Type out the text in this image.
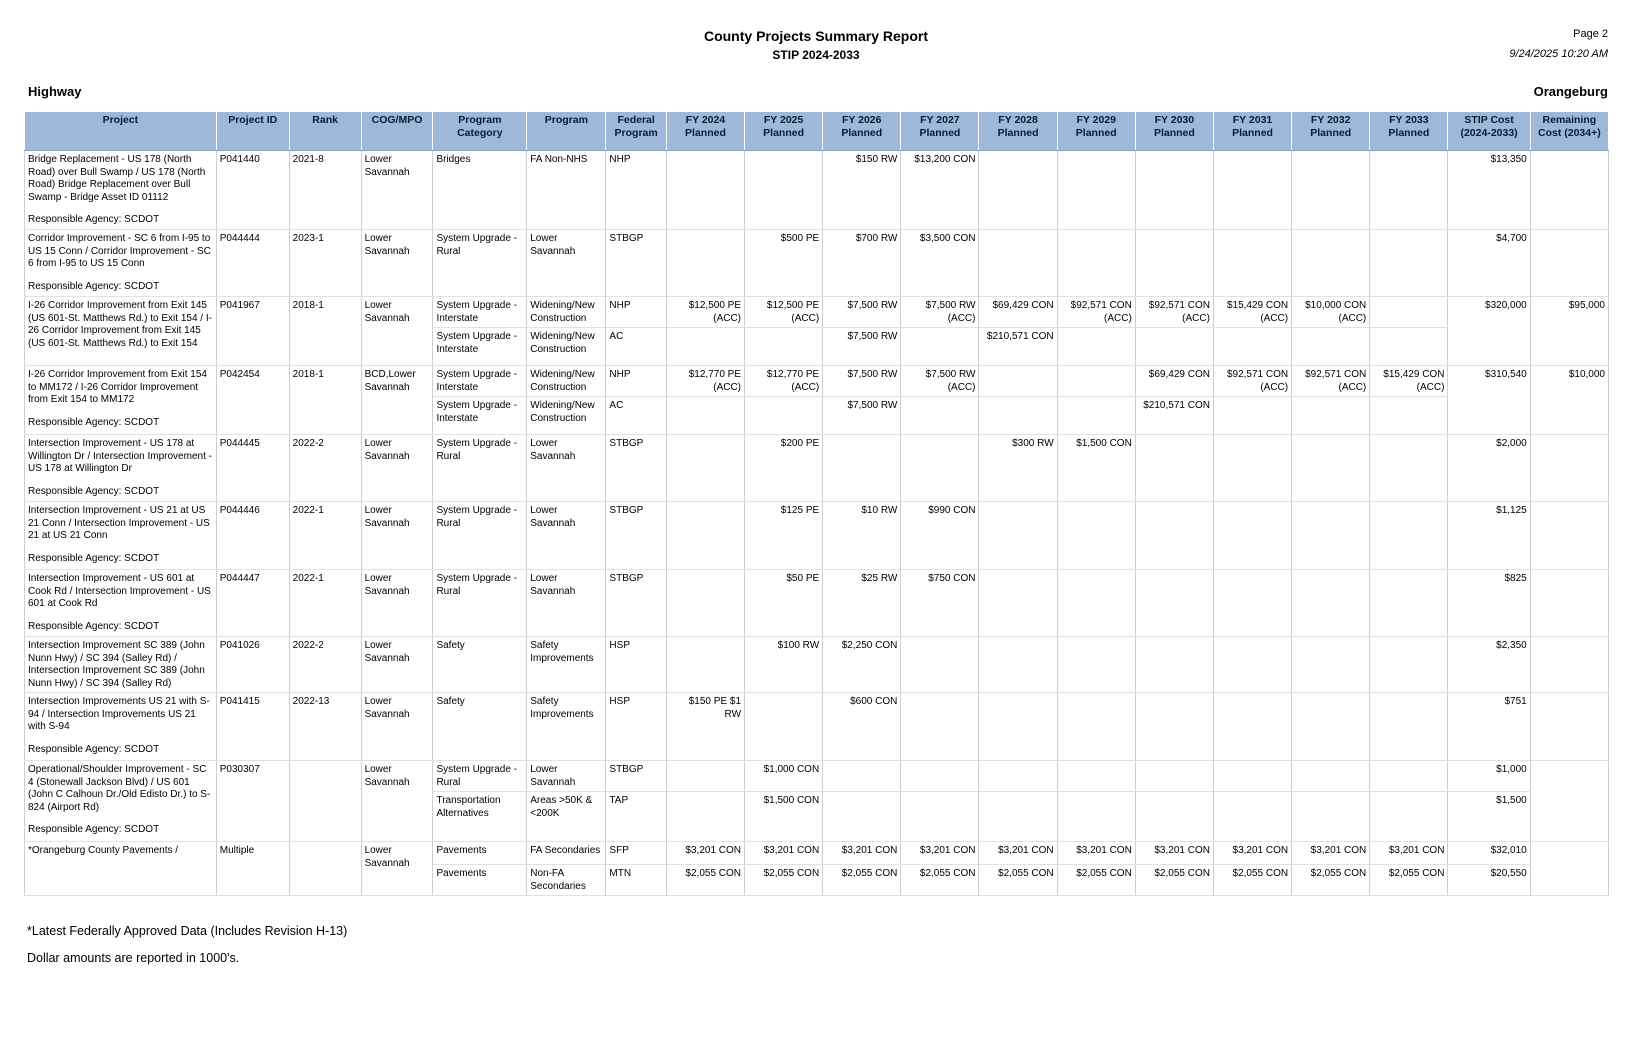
County Projects Summary Report
STIP 2024-2033
Page 2
9/24/2025 10:20 AM
Highway	Orangeburg
Project	Project ID	Rank	COG/MPO	Program Category	Program	Federal Program	FY 2024 Planned	FY 2025 Planned	FY 2026 Planned	FY 2027 Planned	FY 2028 Planned	FY 2029 Planned	FY 2030 Planned	FY 2031 Planned	FY 2032 Planned	FY 2033 Planned	STIP Cost (2024-2033)	Remaining Cost (2034+)
Bridge Replacement - US 178 (North Road) over Bull Swamp / US 178 (North Road) Bridge Replacement over Bull Swamp - Bridge Asset ID 01112
Responsible Agency: SCDOT	P041440	2021-8	Lower Savannah	Bridges	FA Non-NHS	NHP			$150 RW	$13,200 CON							$13,350	
Corridor Improvement - SC 6 from I-95 to US 15 Conn / Corridor Improvement - SC 6 from I-95 to US 15 Conn
Responsible Agency: SCDOT	P044444	2023-1	Lower Savannah	System Upgrade - Rural	Lower Savannah	STBGP		$500 PE	$700 RW	$3,500 CON							$4,700	
I-26 Corridor Improvement from Exit 145 (US 601-St. Matthews Rd.) to Exit 154 / I-26 Corridor Improvement from Exit 145 (US 601-St. Matthews Rd.) to Exit 154	P041967	2018-1	Lower Savannah	System Upgrade - Interstate	Widening/New Construction	NHP	$12,500 PE (ACC)	$12,500 PE (ACC)	$7,500 RW	$7,500 RW (ACC)	$69,429 CON	$92,571 CON (ACC)	$92,571 CON (ACC)	$15,429 CON (ACC)	$10,000 CON (ACC)		$320,000	$95,000
				System Upgrade - Interstate	Widening/New Construction	AC			$7,500 RW		$210,571 CON							
I-26 Corridor Improvement from Exit 154 to MM172 / I-26 Corridor Improvement from Exit 154 to MM172
Responsible Agency: SCDOT	P042454	2018-1	BCD,Lower Savannah	System Upgrade - Interstate	Widening/New Construction	NHP	$12,770 PE (ACC)	$12,770 PE (ACC)	$7,500 RW	$7,500 RW (ACC)			$69,429 CON	$92,571 CON (ACC)	$92,571 CON (ACC)	$15,429 CON (ACC)	$310,540	$10,000
				System Upgrade - Interstate	Widening/New Construction	AC			$7,500 RW				$210,571 CON					
Intersection Improvement - US 178 at Willington Dr / Intersection Improvement - US 178 at Willington Dr
Responsible Agency: SCDOT	P044445	2022-2	Lower Savannah	System Upgrade - Rural	Lower Savannah	STBGP		$200 PE			$300 RW	$1,500 CON					$2,000	
Intersection Improvement - US 21 at US 21 Conn / Intersection Improvement - US 21 at US 21 Conn
Responsible Agency: SCDOT	P044446	2022-1	Lower Savannah	System Upgrade - Rural	Lower Savannah	STBGP		$125 PE	$10 RW	$990 CON							$1,125	
Intersection Improvement - US 601 at Cook Rd / Intersection Improvement - US 601 at Cook Rd
Responsible Agency: SCDOT	P044447	2022-1	Lower Savannah	System Upgrade - Rural	Lower Savannah	STBGP		$50 PE	$25 RW	$750 CON							$825	
Intersection Improvement SC 389 (John Nunn Hwy) / SC 394 (Salley Rd) / Intersection Improvement SC 389 (John Nunn Hwy) / SC 394 (Salley Rd)	P041026	2022-2	Lower Savannah	Safety	Safety Improvements	HSP		$100 RW	$2,250 CON								$2,350	
Intersection Improvements US 21 with S-94 / Intersection Improvements US 21 with S-94
Responsible Agency: SCDOT	P041415	2022-13	Lower Savannah	Safety	Safety Improvements	HSP	$150 PE $1 RW		$600 CON								$751	
Operational/Shoulder Improvement - SC 4 (Stonewall Jackson Blvd) / US 601 (John C Calhoun Dr./Old Edisto Dr.) to S-824 (Airport Rd)
Responsible Agency: SCDOT	P030307		Lower Savannah	System Upgrade - Rural	Lower Savannah	STBGP		$1,000 CON									$1,000	
				Transportation Alternatives	Areas >50K & <200K	TAP		$1,500 CON									$1,500	
*Orangeburg County Pavements /	Multiple		Lower Savannah	Pavements	FA Secondaries	SFP	$3,201 CON	$3,201 CON	$3,201 CON	$3,201 CON	$3,201 CON	$3,201 CON	$3,201 CON	$3,201 CON	$3,201 CON	$3,201 CON	$32,010	
				Pavements	Non-FA Secondaries	MTN	$2,055 CON	$2,055 CON	$2,055 CON	$2,055 CON	$2,055 CON	$2,055 CON	$2,055 CON	$2,055 CON	$2,055 CON	$2,055 CON	$20,550	
*Latest Federally Approved Data (Includes Revision H-13)
Dollar amounts are reported in 1000's.
